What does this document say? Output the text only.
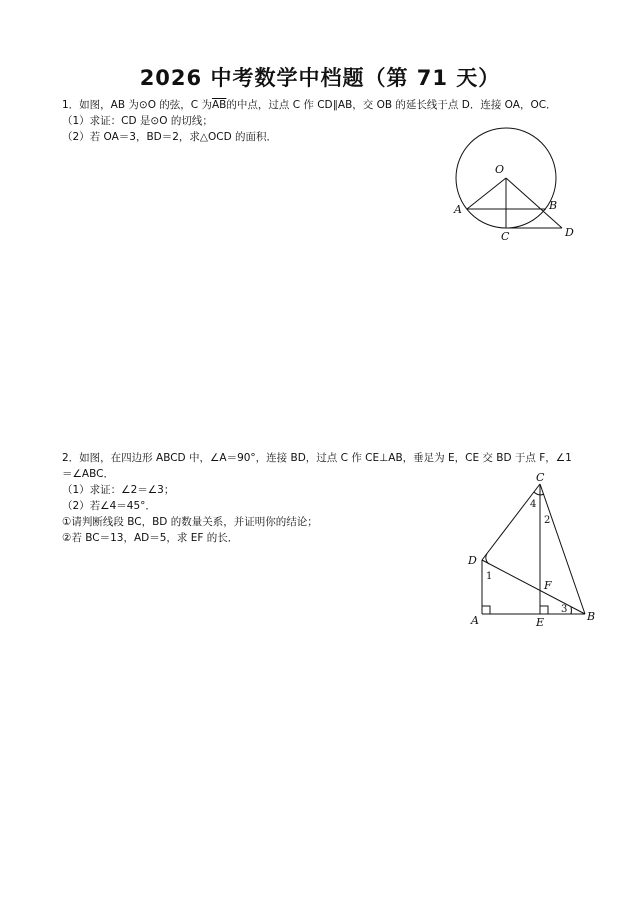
2026 中考数学中档题（第 71 天）
1．如图，AB 为⊙O 的弦，C 为$\overline{AB}$的中点，过点 C 作 CD∥AB，交 OB 的延长线于点 D．连接 OA，OC．
（1）求证：CD 是⊙O 的切线；
（2）若 OA＝3，BD＝2，求△OCD 的面积．
O
A	B
C	D
2．如图，在四边形 ABCD 中，∠A＝90°，连接 BD，过点 C 作 CE⊥AB，垂足为 E，CE 交 BD 于点 F，∠1
＝∠ABC．
（1）求证：∠2＝∠3；
（2）若∠4＝45°．
①请判断线段 BC，BD 的数量关系，并证明你的结论；
②若 BC＝13，AD＝5，求 EF 的长．
C
D
A	E	B
F
1
4
2
3
